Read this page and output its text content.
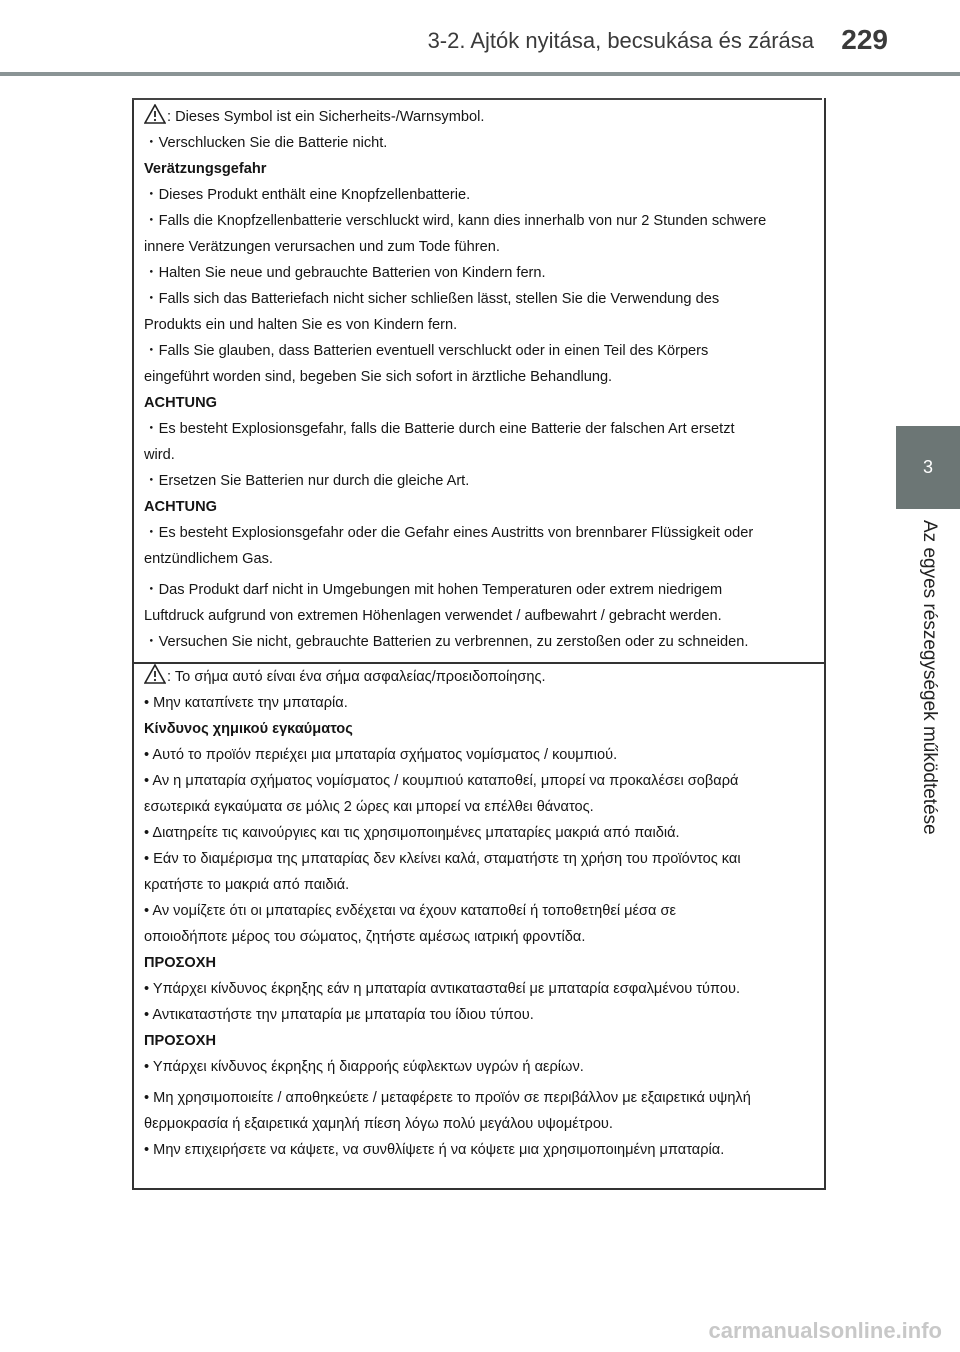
3-2. Ajtók nyitása, becsukása és zárása 229
3
Az egyes részegységek működtetése
: Dieses Symbol ist ein Sicherheits-/Warnsymbol.
・Verschlucken Sie die Batterie nicht.
Verätzungsgefahr
・Dieses Produkt enthält eine Knopfzellenbatterie.
・Falls die Knopfzellenbatterie verschluckt wird, kann dies innerhalb von nur 2 Stunden schwere
innere Verätzungen verursachen und zum Tode führen.
・Halten Sie neue und gebrauchte Batterien von Kindern fern.
・Falls sich das Batteriefach nicht sicher schließen lässt, stellen Sie die Verwendung des
Produkts ein und halten Sie es von Kindern fern.
・Falls Sie glauben, dass Batterien eventuell verschluckt oder in einen Teil des Körpers
eingeführt worden sind, begeben Sie sich sofort in ärztliche Behandlung.
ACHTUNG
・Es besteht Explosionsgefahr, falls die Batterie durch eine Batterie der falschen Art ersetzt
wird.
・Ersetzen Sie Batterien nur durch die gleiche Art.
ACHTUNG
・Es besteht Explosionsgefahr oder die Gefahr eines Austritts von brennbarer Flüssigkeit oder
entzündlichem Gas.
・Das Produkt darf nicht in Umgebungen mit hohen Temperaturen oder extrem niedrigem
Luftdruck aufgrund von extremen Höhenlagen verwendet / aufbewahrt / gebracht werden.
・Versuchen Sie nicht, gebrauchte Batterien zu verbrennen, zu zerstoßen oder zu schneiden.
: Το σήμα αυτό είναι ένα σήμα ασφαλείας/προειδοποίησης.
• Μην καταπίνετε την μπαταρία.
Κίνδυνος χημικού εγκαύματος
• Αυτό το προϊόν περιέχει μια μπαταρία σχήματος νομίσματος / κουμπιού.
• Αν η μπαταρία σχήματος νομίσματος / κουμπιού καταποθεί, μπορεί να προκαλέσει σοβαρά
εσωτερικά εγκαύματα σε μόλις 2 ώρες και μπορεί να επέλθει θάνατος.
• Διατηρείτε τις καινούργιες και τις χρησιμοποιημένες μπαταρίες μακριά από παιδιά.
• Εάν το διαμέρισμα της μπαταρίας δεν κλείνει καλά, σταματήστε τη χρήση του προϊόντος και
κρατήστε το μακριά από παιδιά.
• Αν νομίζετε ότι οι μπαταρίες ενδέχεται να έχουν καταποθεί ή τοποθετηθεί μέσα σε
οποιοδήποτε μέρος του σώματος, ζητήστε αμέσως ιατρική φροντίδα.
ΠΡΟΣΟΧΗ
• Υπάρχει κίνδυνος έκρηξης εάν η μπαταρία αντικατασταθεί με μπαταρία εσφαλμένου τύπου.
• Αντικαταστήστε την μπαταρία με μπαταρία του ίδιου τύπου.
ΠΡΟΣΟΧΗ
• Υπάρχει κίνδυνος έκρηξης ή διαρροής εύφλεκτων υγρών ή αερίων.
• Μη χρησιμοποιείτε / αποθηκεύετε / μεταφέρετε το προϊόν σε περιβάλλον με εξαιρετικά υψηλή
θερμοκρασία ή εξαιρετικά χαμηλή πίεση λόγω πολύ μεγάλου υψομέτρου.
• Μην επιχειρήσετε να κάψετε, να συνθλίψετε ή να κόψετε μια χρησιμοποιημένη μπαταρία.
carmanualsonline.info
